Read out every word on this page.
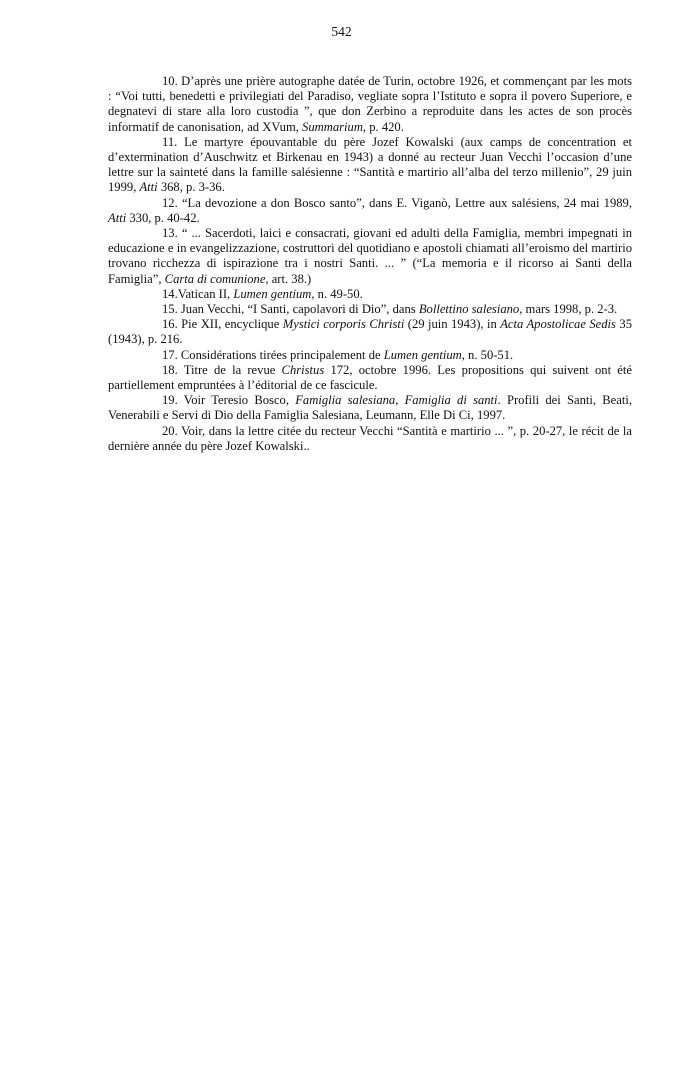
542

10. D’après une prière autographe datée de Turin, octobre 1926, et commençant par les mots : “Voi tutti, benedetti e privilegiati del Paradiso, vegliate sopra l’Istituto e sopra il povero Superiore, e degnatevi di stare alla loro custodia ”, que don Zerbino a reproduite dans les actes de son procès informatif de canonisation, ad XVum, Summarium, p. 420.

11. Le martyre épouvantable du père Jozef Kowalski (aux camps de concentration et d’extermination d’Auschwitz et Birkenau en 1943) a donné au recteur Juan Vecchi l’occasion d’une lettre sur la sainteté dans la famille salésienne : “Santità e martirio all’alba del terzo millenio”, 29 juin 1999, Atti 368, p. 3-36.

12. “La devozione a don Bosco santo”, dans E. Viganò, Lettre aux salésiens, 24 mai 1989, Atti 330, p. 40-42.

13. “ ... Sacerdoti, laici e consacrati, giovani ed adulti della Famiglia, membri impegnati in educazione e in evangelizzazione, costruttori del quotidiano e apostoli chiamati all’eroismo del martirio trovano ricchezza di ispirazione tra i nostri Santi. ... ” (“La memoria e il ricorso ai Santi della Famiglia”, Carta di comunione, art. 38.)

14.Vatican II, Lumen gentium, n. 49-50.

15. Juan Vecchi, “I Santi, capolavori di Dio”, dans Bollettino salesiano, mars 1998, p. 2-3.

16. Pie XII, encyclique Mystici corporis Christi (29 juin 1943), in Acta Apostolicae Sedis 35 (1943), p. 216.

17. Considérations tirées principalement de Lumen gentium, n. 50-51.

18. Titre de la revue Christus 172, octobre 1996. Les propositions qui suivent ont été partiellement empruntées à l’éditorial de ce fascicule.

19. Voir Teresio Bosco, Famiglia salesiana, Famiglia di santi. Profili dei Santi, Beati, Venerabili e Servi di Dio della Famiglia Salesiana, Leumann, Elle Di Ci, 1997.

20. Voir, dans la lettre citée du recteur Vecchi “Santità e martirio ... ”, p. 20-27, le récit de la dernière année du père Jozef Kowalski..
